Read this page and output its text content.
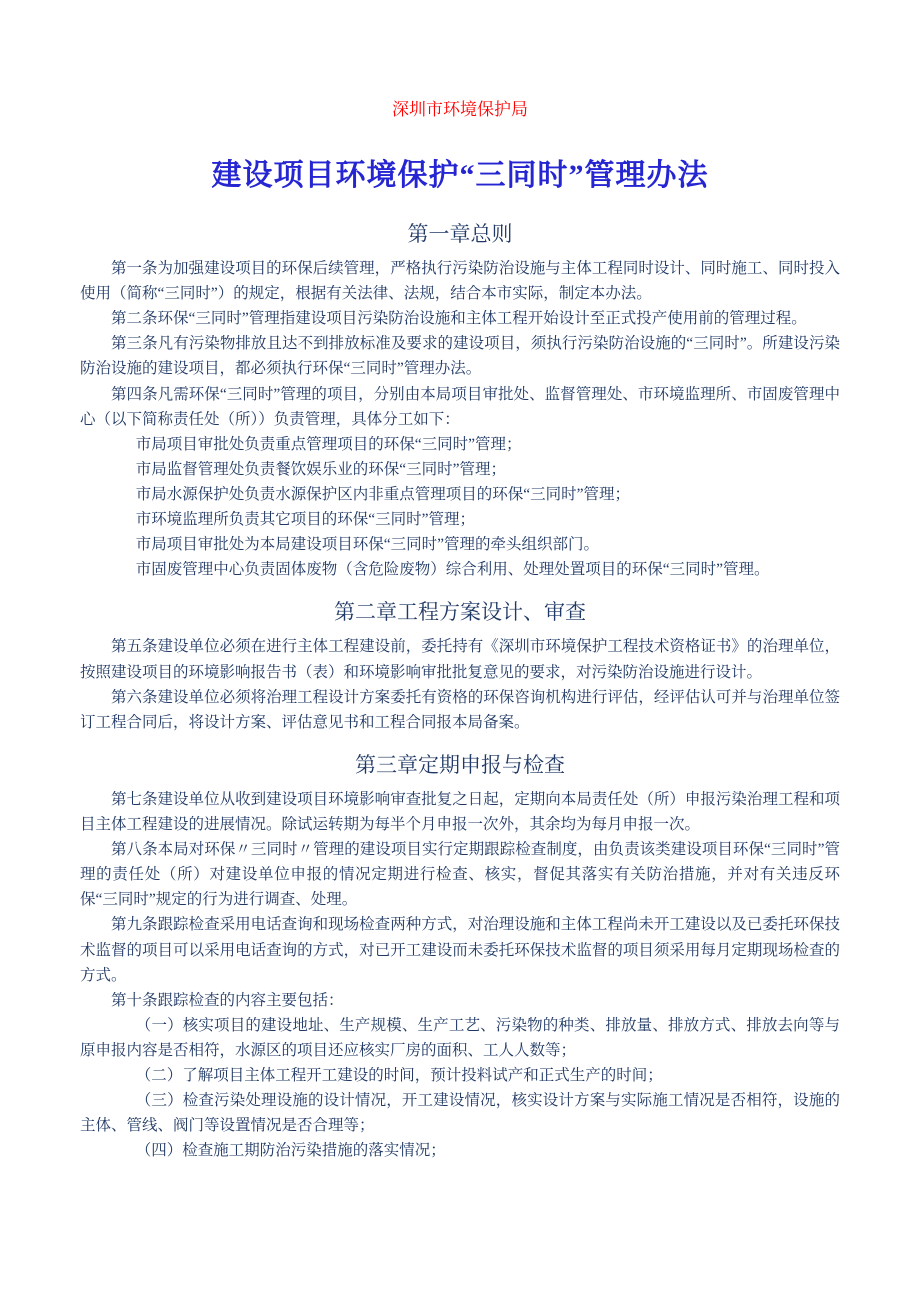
深圳市环境保护局
建设项目环境保护“三同时”管理办法
第一章总则

第一条为加强建设项目的环保后续管理，严格执行污染防治设施与主体工程同时设计、同时施工、同时投入使用（简称“三同时”）的规定，根据有关法律、法规，结合本市实际，制定本办法。

第二条环保“三同时”管理指建设项目污染防治设施和主体工程开始设计至正式投产使用前的管理过程。

第三条凡有污染物排放且达不到排放标准及要求的建设项目，须执行污染防治设施的“三同时”。所建设污染防治设施的建设项目，都必须执行环保“三同时”管理办法。

第四条凡需环保“三同时”管理的项目，分别由本局项目审批处、监督管理处、市环境监理所、市固废管理中心（以下简称责任处（所））负责管理，具体分工如下：

市局项目审批处负责重点管理项目的环保“三同时”管理；

市局监督管理处负责餐饮娱乐业的环保“三同时”管理；

市局水源保护处负责水源保护区内非重点管理项目的环保“三同时”管理；

市环境监理所负责其它项目的环保“三同时”管理；

市局项目审批处为本局建设项目环保“三同时”管理的牵头组织部门。

市固废管理中心负责固体废物（含危险废物）综合利用、处理处置项目的环保“三同时”管理。

第二章工程方案设计、审查

第五条建设单位必须在进行主体工程建设前，委托持有《深圳市环境保护工程技术资格证书》的治理单位，按照建设项目的环境影响报告书（表）和环境影响审批批复意见的要求，对污染防治设施进行设计。

第六条建设单位必须将治理工程设计方案委托有资格的环保咨询机构进行评估，经评估认可并与治理单位签订工程合同后，将设计方案、评估意见书和工程合同报本局备案。

第三章定期申报与检查

第七条建设单位从收到建设项目环境影响审查批复之日起，定期向本局责任处（所）申报污染治理工程和项目主体工程建设的进展情况。除试运转期为每半个月申报一次外，其余均为每月申报一次。

第八条本局对环保〃三同时〃管理的建设项目实行定期跟踪检查制度，由负责该类建设项目环保“三同时”管理的责任处（所）对建设单位申报的情况定期进行检查、核实，督促其落实有关防治措施，并对有关违反环保“三同时”规定的行为进行调查、处理。

第九条跟踪检查采用电话查询和现场检查两种方式，对治理设施和主体工程尚未开工建设以及已委托环保技术监督的项目可以采用电话查询的方式，对已开工建设而未委托环保技术监督的项目须采用每月定期现场检查的方式。

第十条跟踪检查的内容主要包括：

（一）核实项目的建设地址、生产规模、生产工艺、污染物的种类、排放量、排放方式、排放去向等与原申报内容是否相符，水源区的项目还应核实厂房的面积、工人人数等；

（二）了解项目主体工程开工建设的时间，预计投料试产和正式生产的时间；

（三）检查污染处理设施的设计情况，开工建设情况，核实设计方案与实际施工情况是否相符，设施的主体、管线、阀门等设置情况是否合理等；

（四）检查施工期防治污染措施的落实情况；
